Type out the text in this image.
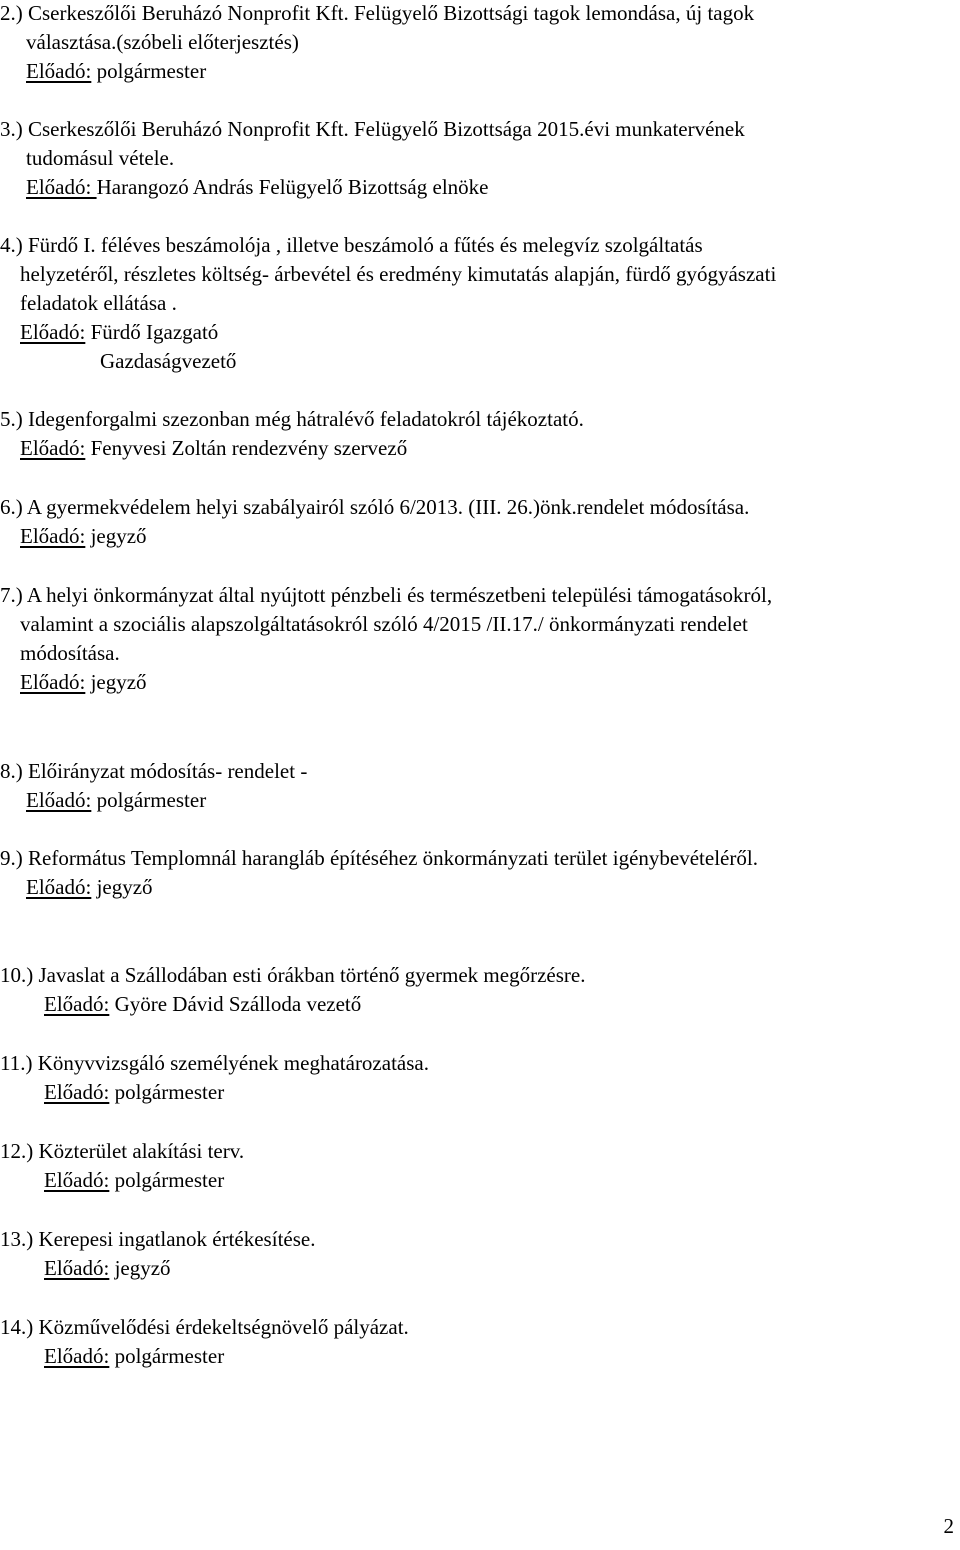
2.) Cserkeszőlői Beruházó Nonprofit Kft. Felügyelő Bizottsági tagok lemondása, új tagok
választása.(szóbeli előterjesztés)
Előadó: polgármester
3.) Cserkeszőlői Beruházó Nonprofit Kft. Felügyelő Bizottsága 2015.évi munkatervének
tudomásul vétele.
Előadó: Harangozó András Felügyelő Bizottság elnöke
4.) Fürdő I. féléves beszámolója , illetve beszámoló a fűtés és melegvíz szolgáltatás
helyzetéről, részletes költség- árbevétel és eredmény kimutatás alapján, fürdő gyógyászati
feladatok ellátása .
Előadó: Fürdő Igazgató
Gazdaságvezető
5.) Idegenforgalmi szezonban még hátralévő feladatokról tájékoztató.
Előadó: Fenyvesi Zoltán rendezvény szervező
6.) A gyermekvédelem helyi szabályairól szóló 6/2013. (III. 26.)önk.rendelet módosítása.
Előadó: jegyző
7.) A helyi önkormányzat által nyújtott pénzbeli és természetbeni települési támogatásokról,
valamint a szociális alapszolgáltatásokról szóló 4/2015 /II.17./ önkormányzati rendelet
módosítása.
Előadó: jegyző
8.) Előirányzat módosítás- rendelet -
Előadó: polgármester
9.) Református Templomnál harangláb építéséhez önkormányzati terület igénybevételéről.
Előadó: jegyző
10.) Javaslat a Szállodában esti órákban történő gyermek megőrzésre.
Előadó: Györe Dávid Szálloda vezető
11.) Könyvvizsgáló személyének meghatározatása.
Előadó: polgármester
12.) Közterület alakítási terv.
Előadó: polgármester
13.) Kerepesi ingatlanok értékesítése.
Előadó: jegyző
14.) Közművelődési érdekeltségnövelő pályázat.
Előadó: polgármester
2
